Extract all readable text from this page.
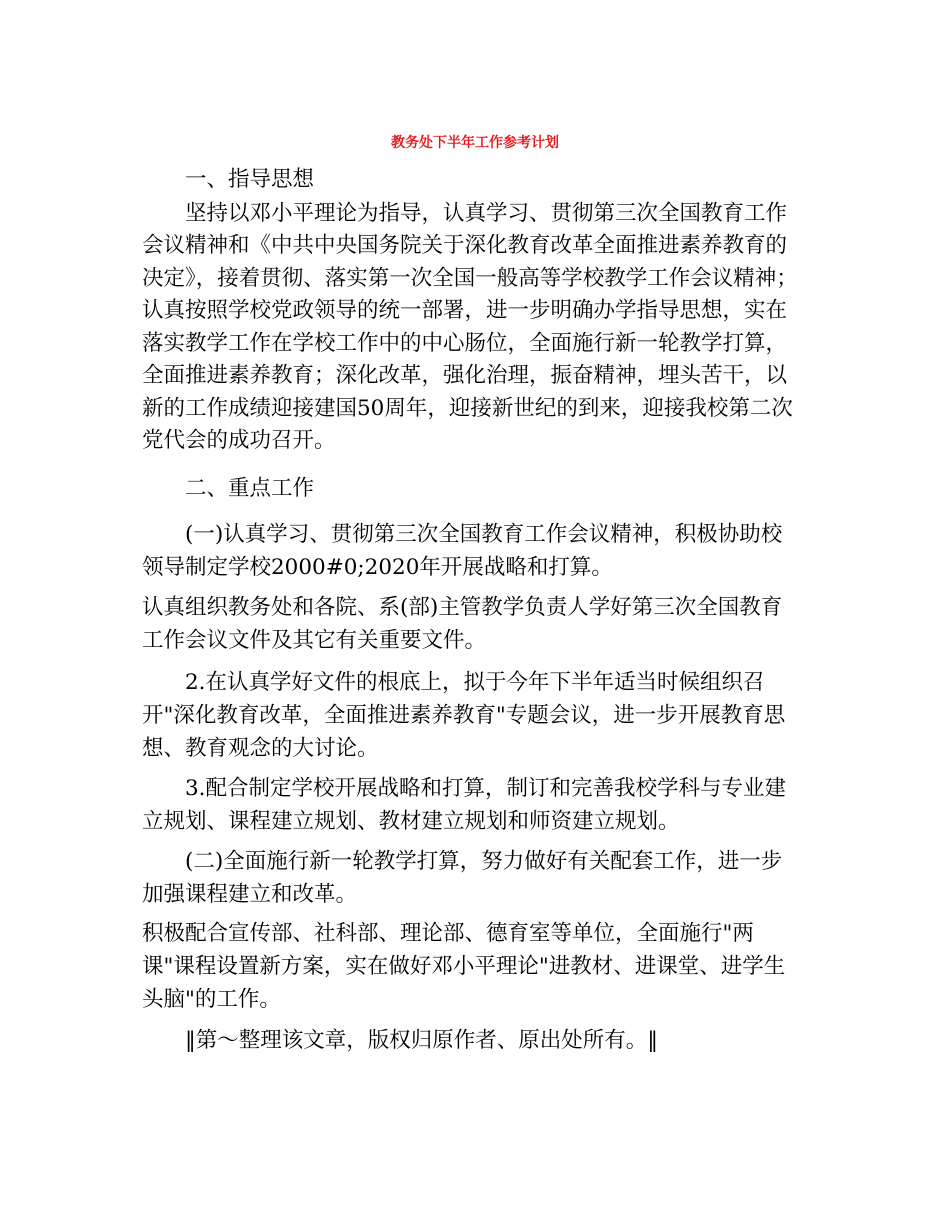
教务处下半年工作参考计划
一、指导思想
坚持以邓小平理论为指导，认真学习、贯彻第三次全国教育工作
会议精神和《中共中央国务院关于深化教育改革全面推进素养教育的
决定》，接着贯彻、落实第一次全国一般高等学校教学工作会议精神；
认真按照学校党政领导的统一部署，进一步明确办学指导思想，实在
落实教学工作在学校工作中的中心肠位，全面施行新一轮教学打算，
全面推进素养教育；深化改革，强化治理，振奋精神，埋头苦干，以
新的工作成绩迎接建国50周年，迎接新世纪的到来，迎接我校第二次
党代会的成功召开。
二、重点工作
(一)认真学习、贯彻第三次全国教育工作会议精神，积极协助校
领导制定学校2000#0;2020年开展战略和打算。
认真组织教务处和各院、系(部)主管教学负责人学好第三次全国教育
工作会议文件及其它有关重要文件。
2.在认真学好文件的根底上，拟于今年下半年适当时候组织召
开"深化教育改革，全面推进素养教育"专题会议，进一步开展教育思
想、教育观念的大讨论。
3.配合制定学校开展战略和打算，制订和完善我校学科与专业建
立规划、课程建立规划、教材建立规划和师资建立规划。
(二)全面施行新一轮教学打算，努力做好有关配套工作，进一步
加强课程建立和改革。
积极配合宣传部、社科部、理论部、德育室等单位，全面施行"两
课"课程设置新方案，实在做好邓小平理论"进教材、进课堂、进学生
头脑"的工作。
‖第～整理该文章，版权归原作者、原出处所有。‖
